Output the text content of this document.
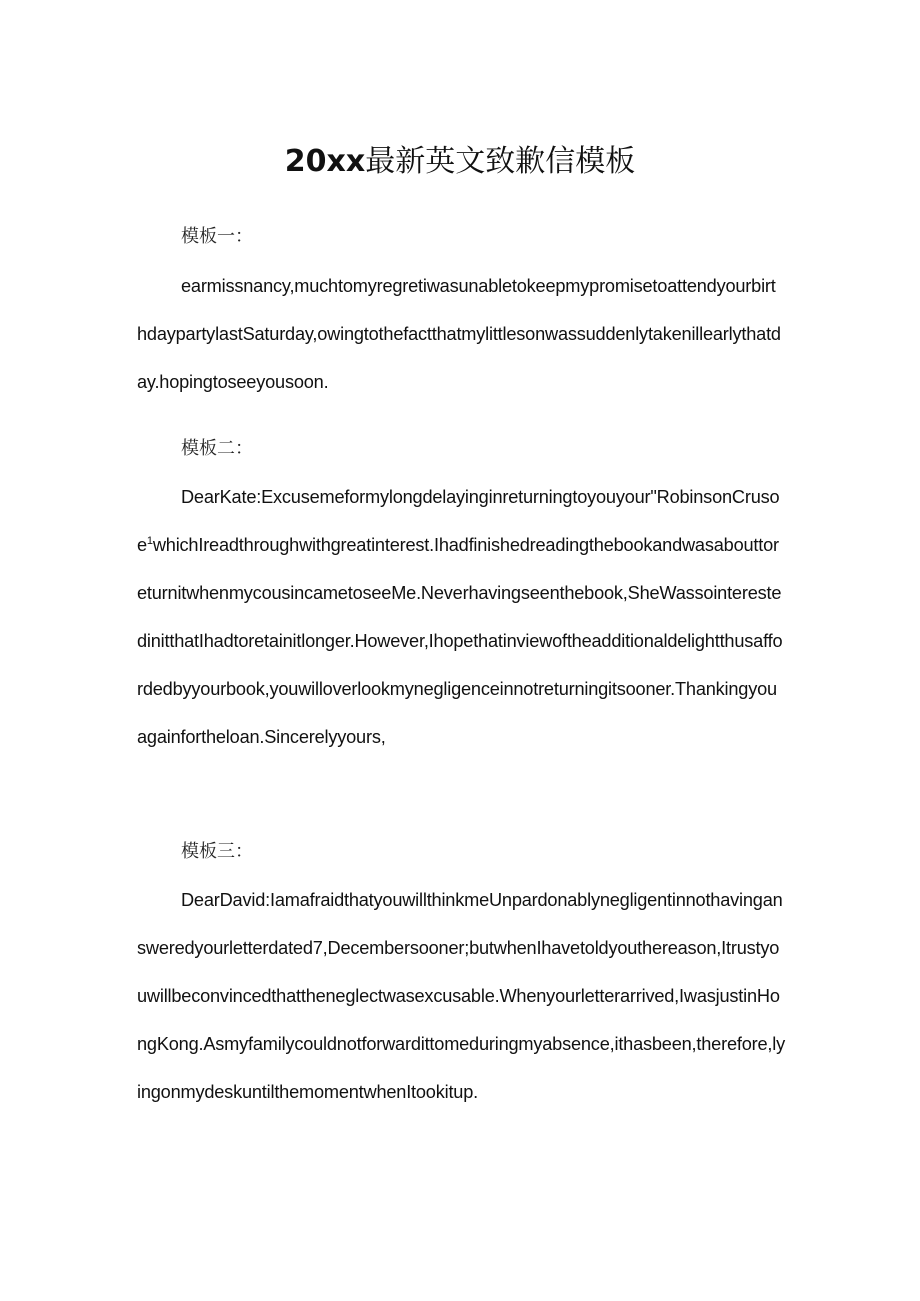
20xx最新英文致歉信模板
模板一：

earmissnancy,muchtomyregretiwasunabletokeepmypromisetoattendyourbirthdaypartylastSaturday,owingtothefactthatmylittlesonwassuddenlytakenillearlythatday.hopingtoseeyousoon.

模板二：

DearKate:Excusemeformylongdelayinginreturningtoyouyour"RobinsonCrusoe$^1$whichIreadthroughwithgreatinterest.IhadfinishedreadingthebookandwasabouttoreturnitwhenmycousincametoseeMe.Neverhavingseenthebook,SheWassointerestedinitthatIhadtoretainitlonger.However,Ihopethatinviewoftheadditionaldelightthusaffordedbyyourbook,youwilloverlookmynegligenceinnotreturningitsooner.Thankingyouagainfortheloan.Sincerelyyours,

模板三：

DearDavid:IamafraidthatyouwillthinkmeUnpardonablynegligentinnothavingansweredyourletterdated7,Decembersooner;butwhenIhavetoldyouthereason,Itrustyouwillbeconvincedthattheneglectwasexcusable.Whenyourletterarrived,IwasjustinHongKong.Asmyfamilycouldnotforwardittomeduringmyabsence,ithasbeen,therefore,lyingonmydeskuntilthemomentwhenItookitup.
